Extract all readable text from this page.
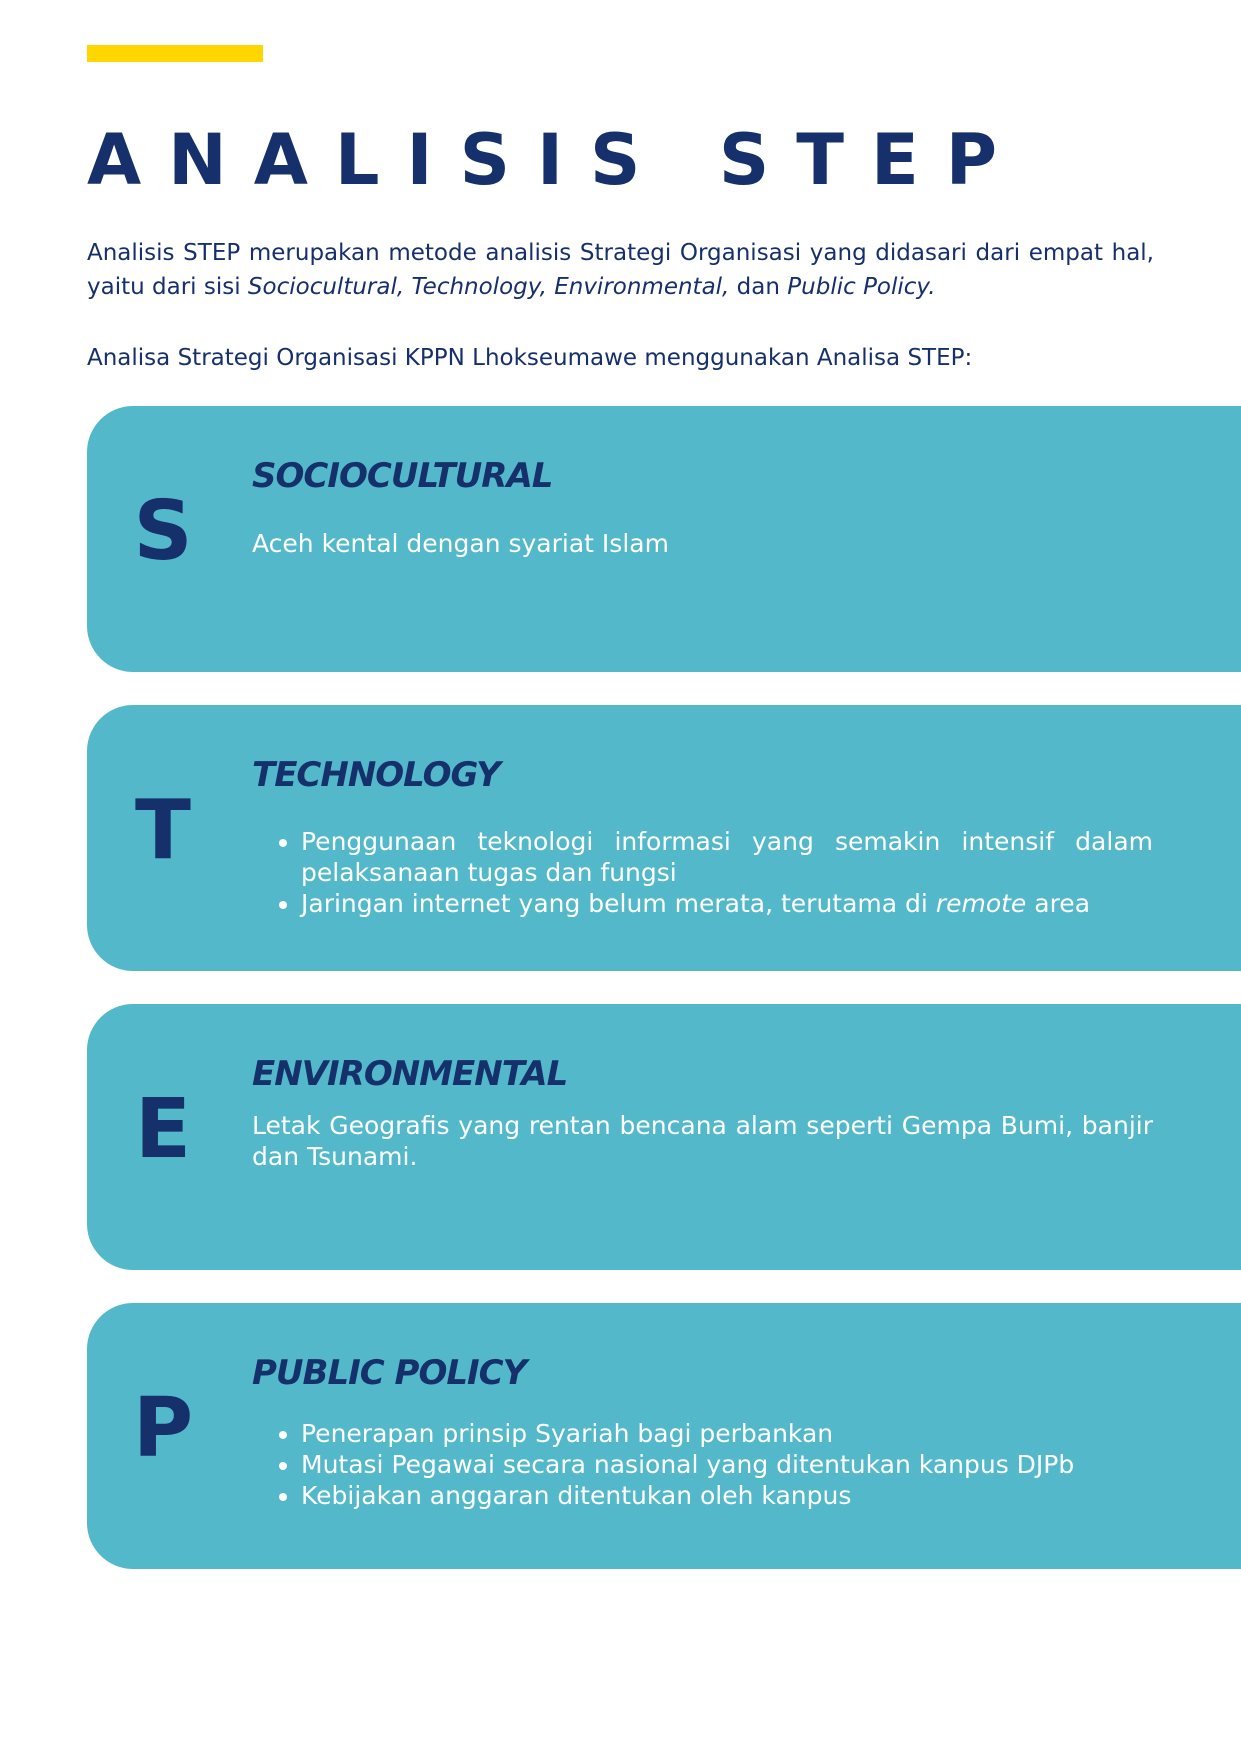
ANALISIS STEP

Analisis STEP merupakan metode analisis Strategi Organisasi yang didasari dari empat hal, yaitu dari sisi Sociocultural, Technology, Environmental, dan Public Policy.

Analisa Strategi Organisasi KPPN Lhokseumawe menggunakan Analisa STEP:

S
SOCIOCULTURAL

Aceh kental dengan syariat Islam

T
TECHNOLOGY
• Penggunaan teknologi informasi yang semakin intensif dalam pelaksanaan tugas dan fungsi
• Jaringan internet yang belum merata, terutama di remote area
E
ENVIRONMENTAL

Letak Geografis yang rentan bencana alam seperti Gempa Bumi, banjir dan Tsunami.

P
PUBLIC POLICY
• Penerapan prinsip Syariah bagi perbankan
• Mutasi Pegawai secara nasional yang ditentukan kanpus DJPb
• Kebijakan anggaran ditentukan oleh kanpus
